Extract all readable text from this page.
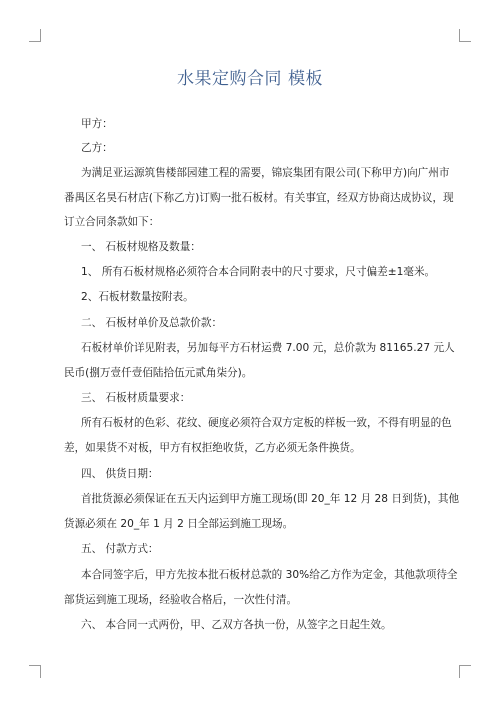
水果定购合同 模板
甲方：
乙方：
为满足亚运源筑售楼部园建工程的需要，锦宸集团有限公司(下称甲方)向广州市
番禺区名昊石材店(下称乙方)订购一批石板材。有关事宜，经双方协商达成协议，现
订立合同条款如下：
一、 石板材规格及数量：
1、 所有石板材规格必须符合本合同附表中的尺寸要求，尺寸偏差±1毫米。
2、石板材数量按附表。
二、 石板材单价及总款价款：
石板材单价详见附表，另加每平方石材运费 7.00 元，总价款为 81165.27 元人
民币(捌万壹仟壹佰陆拾伍元贰角柒分)。
三、 石板材质量要求：
所有石板材的色彩、花纹、硬度必须符合双方定板的样板一致，不得有明显的色
差，如果货不对板，甲方有权拒绝收货，乙方必须无条件换货。
四、 供货日期：
首批货源必须保证在五天内运到甲方施工现场(即 20_年 12 月 28 日到货)，其他
货源必须在 20_年 1 月 2 日全部运到施工现场。
五、 付款方式：
本合同签字后，甲方先按本批石板材总款的 30%给乙方作为定金，其他款项待全
部货运到施工现场，经验收合格后，一次性付清。
六、 本合同一式两份，甲、乙双方各执一份，从签字之日起生效。
